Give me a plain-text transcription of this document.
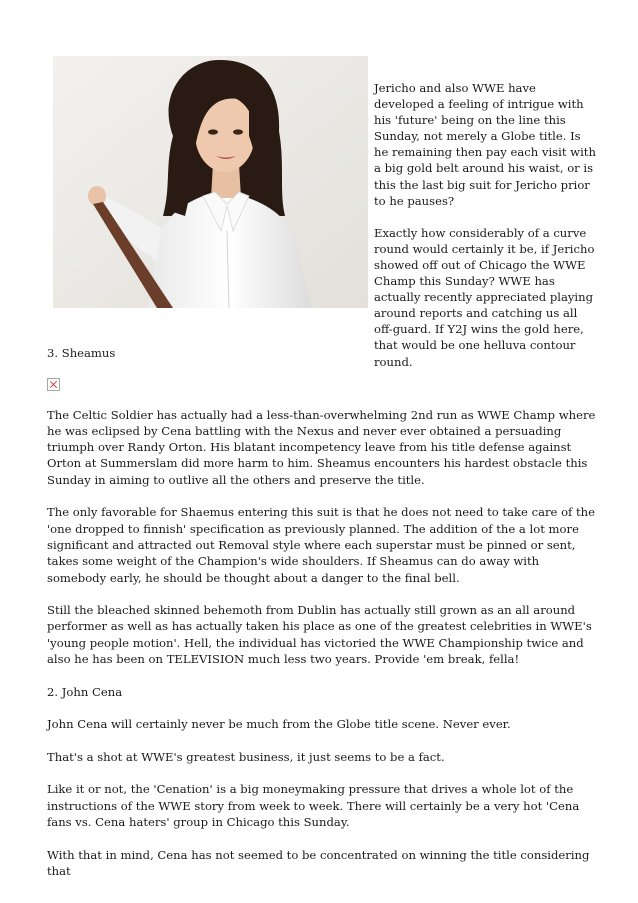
Jericho and also WWE have developed a feeling of intrigue with his 'future' being on the line this Sunday, not merely a Globe title. Is he remaining then pay each visit with a big gold belt around his waist, or is this the last big suit for Jericho prior to he pauses?

Exactly how considerably of a curve round would certainly it be, if Jericho showed off out of Chicago the WWE Champ this Sunday? WWE has actually recently appreciated playing around reports and catching us all off-guard. If Y2J wins the gold here, that would be one helluva contour round.

3. Sheamus

The Celtic Soldier has actually had a less-than-overwhelming 2nd run as WWE Champ where he was eclipsed by Cena battling with the Nexus and never ever obtained a persuading triumph over Randy Orton. His blatant incompetency leave from his title defense against Orton at Summerslam did more harm to him. Sheamus encounters his hardest obstacle this Sunday in aiming to outlive all the others and preserve the title.

The only favorable for Shaemus entering this suit is that he does not need to take care of the 'one dropped to finnish' specification as previously planned. The addition of the a lot more significant and attracted out Removal style where each superstar must be pinned or sent, takes some weight of the Champion's wide shoulders. If Sheamus can do away with somebody early, he should be thought about a danger to the final bell.

Still the bleached skinned behemoth from Dublin has actually still grown as an all around performer as well as has actually taken his place as one of the greatest celebrities in WWE's 'young people motion'. Hell, the individual has victoried the WWE Championship twice and also he has been on TELEVISION much less two years. Provide 'em break, fella!

2. John Cena

John Cena will certainly never be much from the Globe title scene. Never ever.

That's a shot at WWE's greatest business, it just seems to be a fact.

Like it or not, the 'Cenation' is a big moneymaking pressure that drives a whole lot of the instructions of the WWE story from week to week. There will certainly be a very hot 'Cena fans vs. Cena haters' group in Chicago this Sunday.

With that in mind, Cena has not seemed to be concentrated on winning the title considering that
